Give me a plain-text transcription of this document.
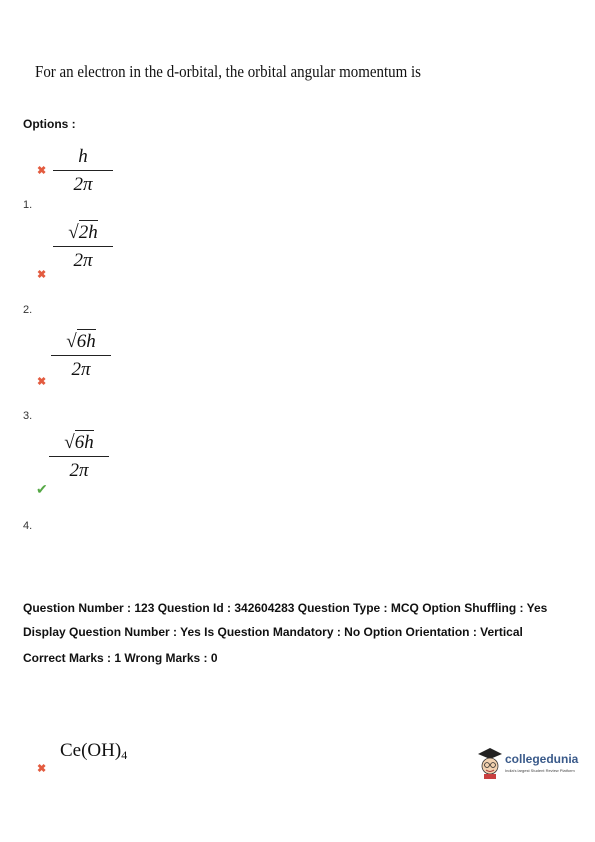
For an electron in the d-orbital, the orbital angular momentum is
Options :
h
2π
✖
1.
√2h
2π
✖
2.
√6h
2π
✖
3.
√6h
2π
✔
4.
Question Number : 123 Question Id : 342604283 Question Type : MCQ Option Shuffling : Yes
Display Question Number : Yes Is Question Mandatory : No Option Orientation : Vertical
Correct Marks : 1 Wrong Marks : 0
$Ce(OH)_4$
✖
collegedunia
India's largest Student Review Platform
